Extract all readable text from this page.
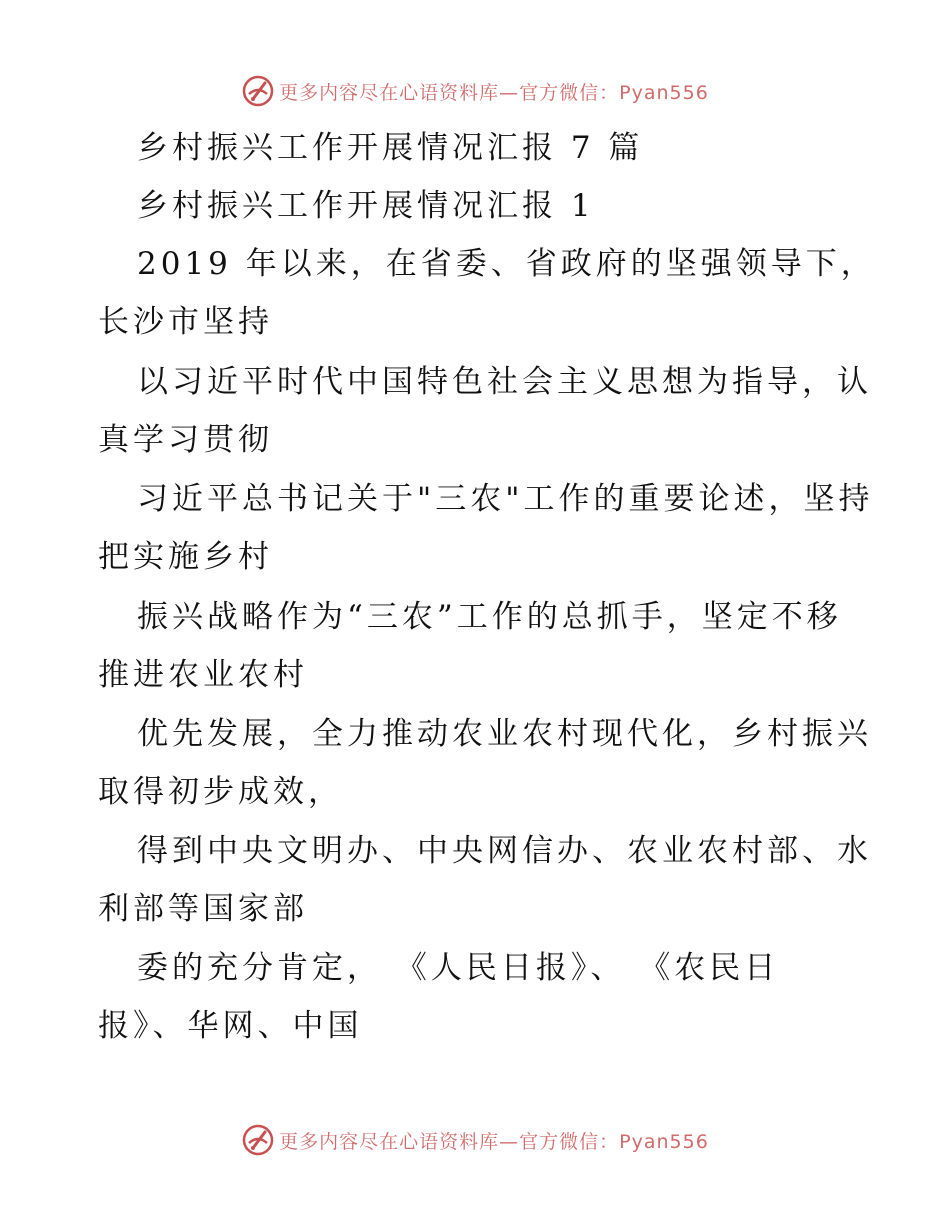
更多内容尽在心语资料库—官方微信：Pyan556
乡村振兴工作开展情况汇报 7 篇
乡村振兴工作开展情况汇报 1
2019 年以来，在省委、省政府的坚强领导下，
长沙市坚持
以习近平时代中国特色社会主义思想为指导，认
真学习贯彻
习近平总书记关于"三农"工作的重要论述，坚持
把实施乡村
振兴战略作为“三农”工作的总抓手，坚定不移
推进农业农村
优先发展，全力推动农业农村现代化，乡村振兴
取得初步成效，
得到中央文明办、中央网信办、农业农村部、水
利部等国家部
委的充分肯定， 《人民日报》、 《农民日
报》、华网、中国
更多内容尽在心语资料库—官方微信：Pyan556
